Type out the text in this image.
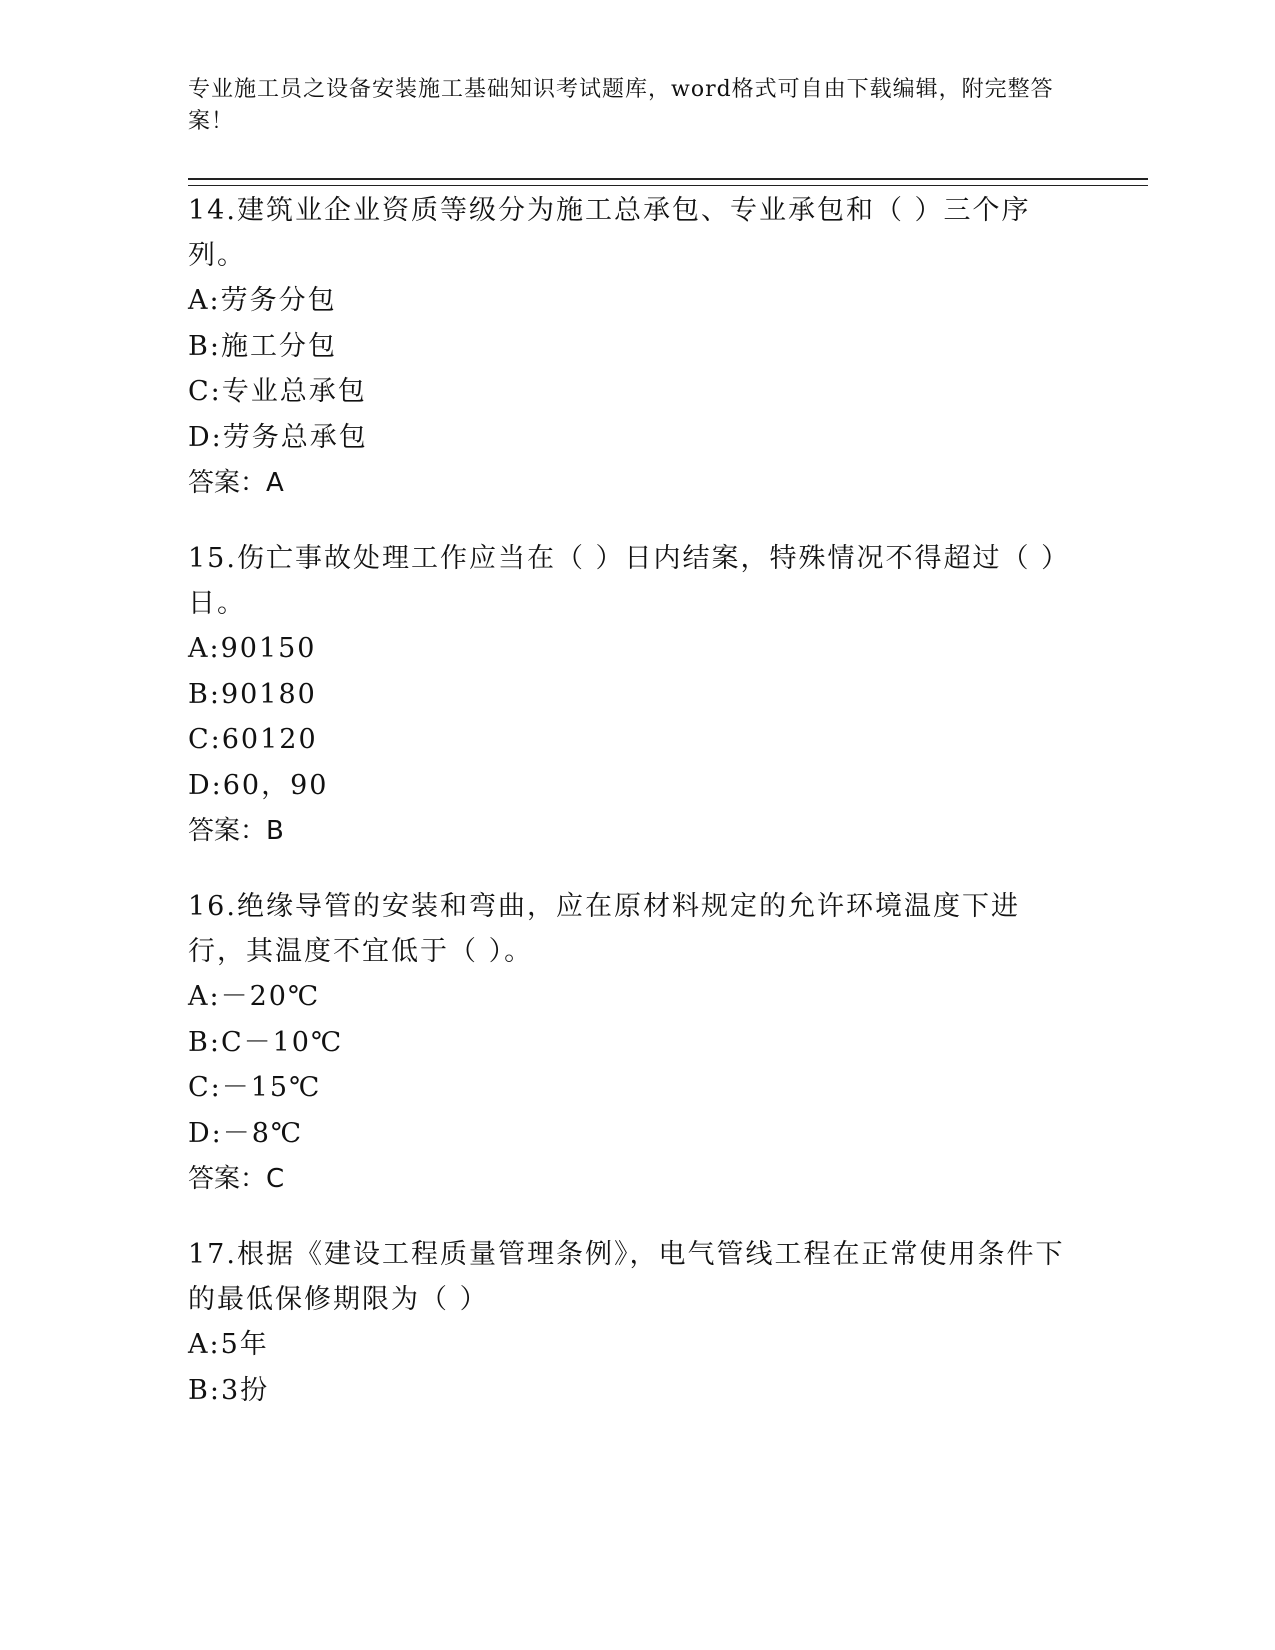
专业施工员之设备安装施工基础知识考试题库，word格式可自由下载编辑，附完整答案！
14.建筑业企业资质等级分为施工总承包、专业承包和（ ）三个序列。
A:劳务分包
B:施工分包
C:专业总承包
D:劳务总承包
答案：A
15.伤亡事故处理工作应当在（ ）日内结案，特殊情况不得超过（ ）日。
A:90150
B:90180
C:60120
D:60，90
答案：B
16.绝缘导管的安装和弯曲，应在原材料规定的允许环境温度下进行，其温度不宜低于（ ）。
A:－20℃
B:C－10℃
C:－15℃
D:－8℃
答案：C
17.根据《建设工程质量管理条例》，电气管线工程在正常使用条件下的最低保修期限为（ ）
A:5年
B:3扮
